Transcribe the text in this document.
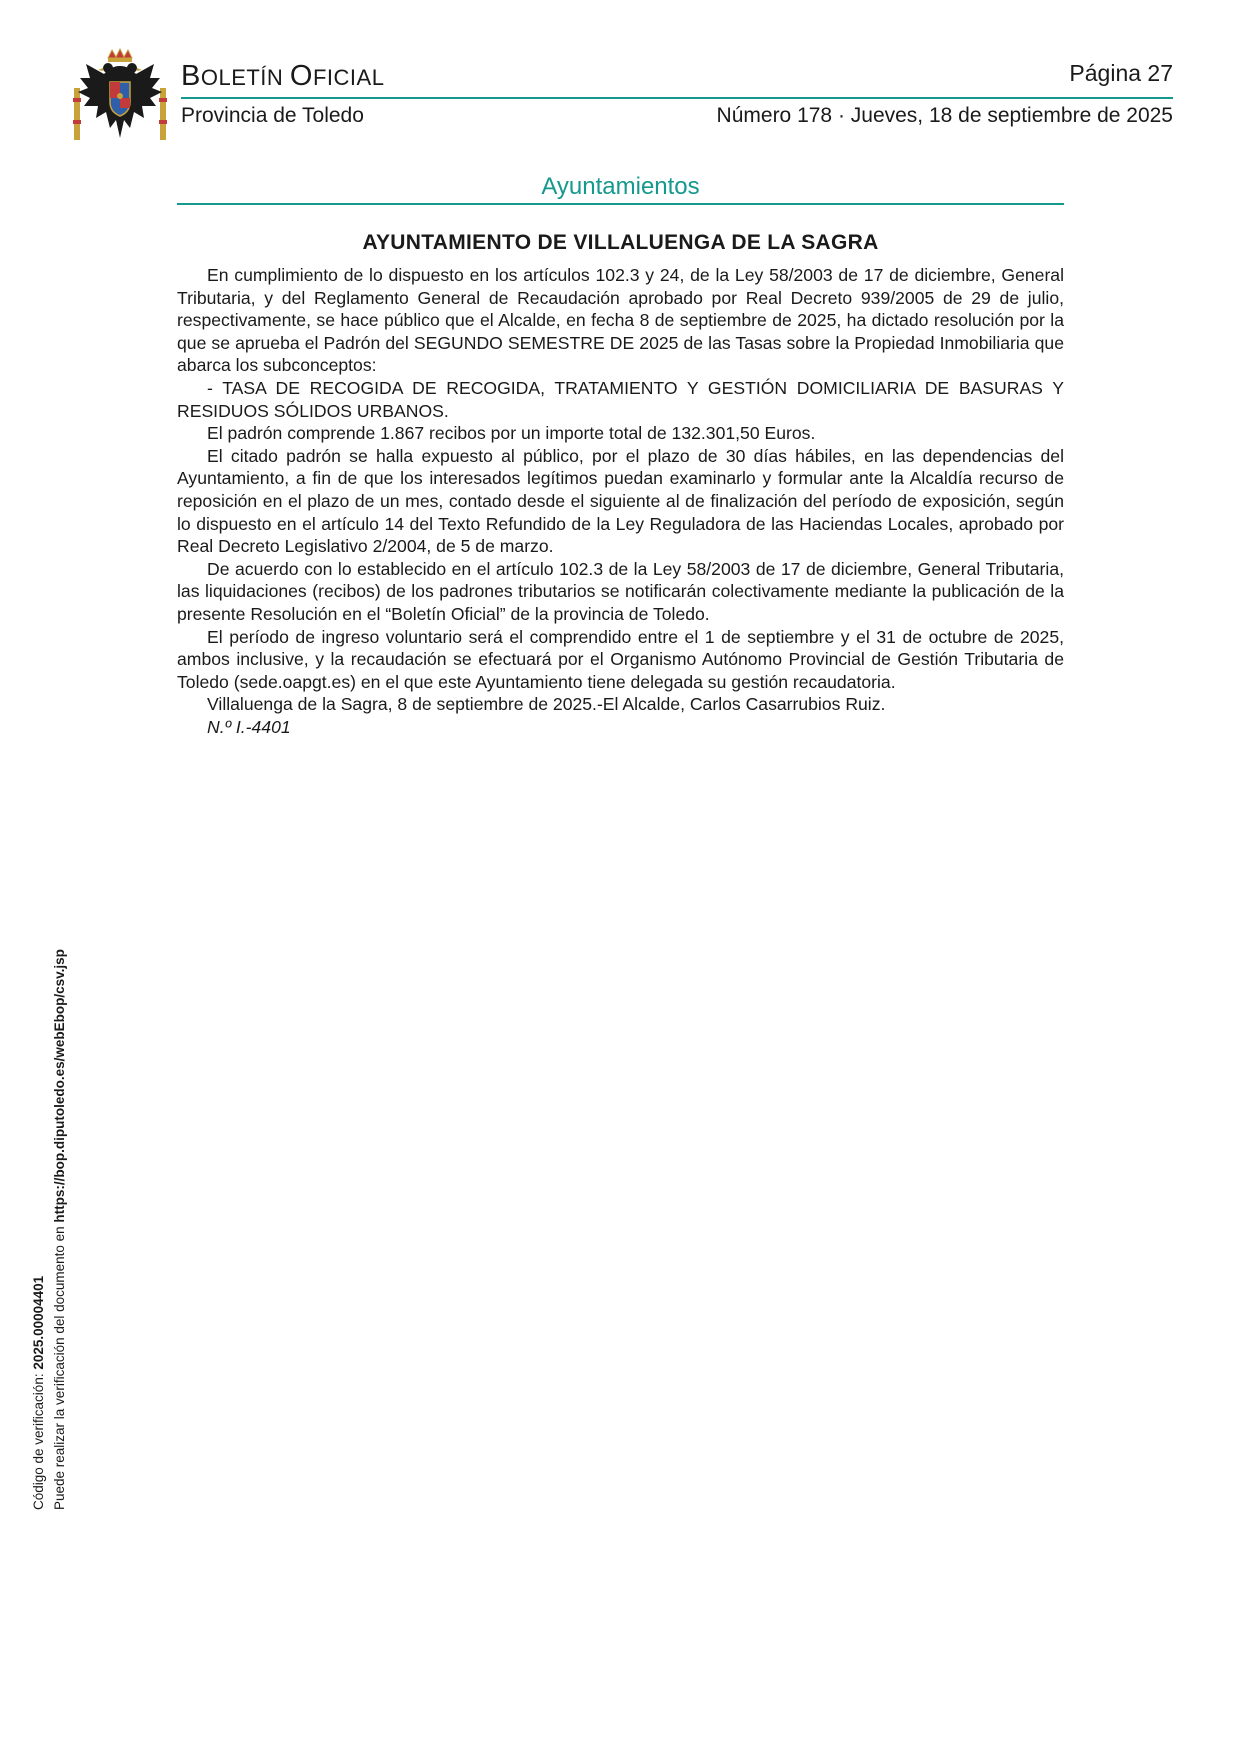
BOLETÍN OFICIAL	Página 27
Provincia de Toledo	Número 178 · Jueves, 18 de septiembre de 2025
Ayuntamientos
AYUNTAMIENTO DE VILLALUENGA DE LA SAGRA

En cumplimiento de lo dispuesto en los artículos 102.3 y 24, de la Ley 58/2003 de 17 de diciembre, General Tributaria, y del Reglamento General de Recaudación aprobado por Real Decreto 939/2005 de 29 de julio, respectivamente, se hace público que el Alcalde, en fecha 8 de septiembre de 2025, ha dictado resolución por la que se aprueba el Padrón del SEGUNDO SEMESTRE DE 2025 de las Tasas sobre la Propiedad Inmobiliaria que abarca los subconceptos:

- TASA DE RECOGIDA DE RECOGIDA, TRATAMIENTO Y GESTIÓN DOMICILIARIA DE BASURAS Y RESIDUOS SÓLIDOS URBANOS.

El padrón comprende 1.867 recibos por un importe total de 132.301,50 Euros.

El citado padrón se halla expuesto al público, por el plazo de 30 días hábiles, en las dependencias del Ayuntamiento, a fin de que los interesados legítimos puedan examinarlo y formular ante la Alcaldía recurso de reposición en el plazo de un mes, contado desde el siguiente al de finalización del período de exposición, según lo dispuesto en el artículo 14 del Texto Refundido de la Ley Reguladora de las Haciendas Locales, aprobado por Real Decreto Legislativo 2/2004, de 5 de marzo.

De acuerdo con lo establecido en el artículo 102.3 de la Ley 58/2003 de 17 de diciembre, General Tributaria, las liquidaciones (recibos) de los padrones tributarios se notificarán colectivamente mediante la publicación de la presente Resolución en el “Boletín Oficial” de la provincia de Toledo.

El período de ingreso voluntario será el comprendido entre el 1 de septiembre y el 31 de octubre de 2025, ambos inclusive, y la recaudación se efectuará por el Organismo Autónomo Provincial de Gestión Tributaria de Toledo (sede.oapgt.es) en el que este Ayuntamiento tiene delegada su gestión recaudatoria.

Villaluenga de la Sagra, 8 de septiembre de 2025.-El Alcalde, Carlos Casarrubios Ruiz.

N.º I.-4401

Código de verificación: 2025.00004401 Puede realizar la verificación del documento en https://bop.diputoledo.es/webEbop/csv.jsp
